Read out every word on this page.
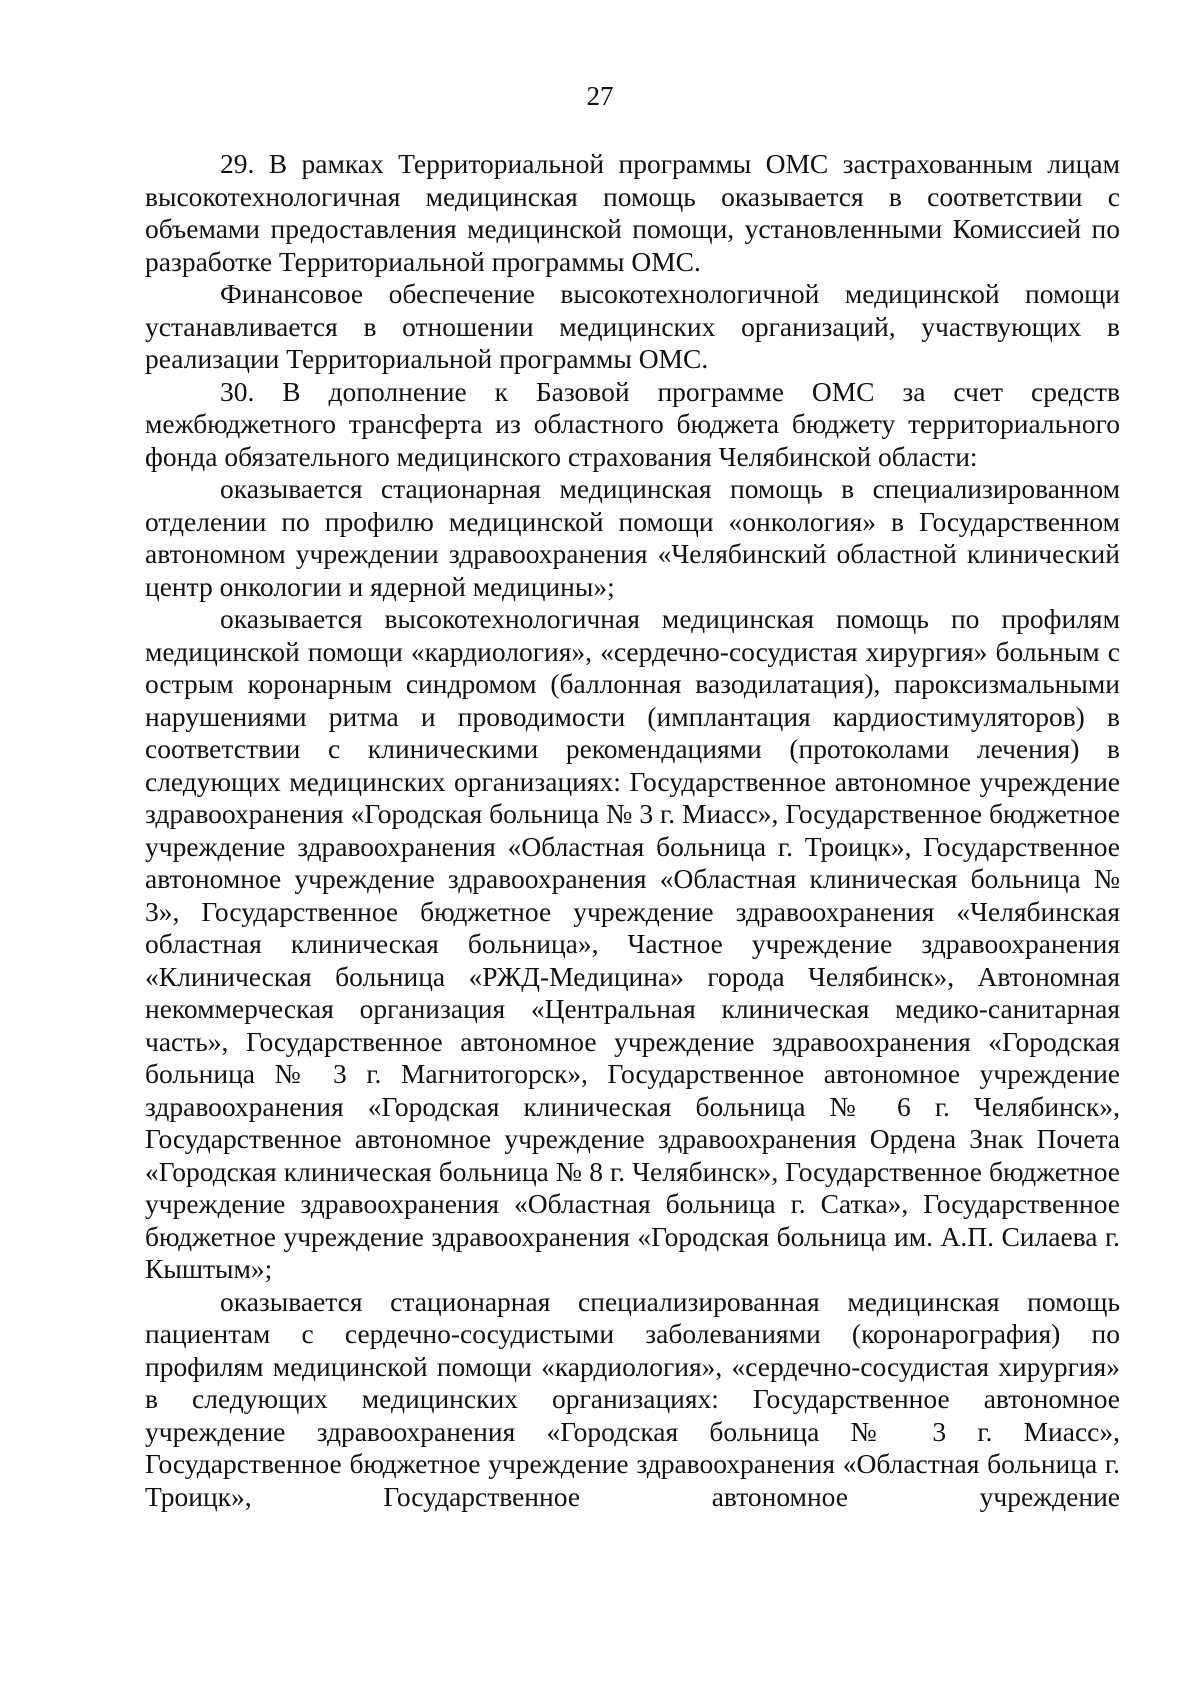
27

29. В рамках Территориальной программы ОМС застрахованным лицам высокотехнологичная медицинская помощь оказывается в соответствии с объемами предоставления медицинской помощи, установленными Комиссией по разработке Территориальной программы ОМС.

Финансовое обеспечение высокотехнологичной медицинской помощи устанавливается в отношении медицинских организаций, участвующих в реализации Территориальной программы ОМС.

30. В дополнение к Базовой программе ОМС за счет средств межбюджетного трансферта из областного бюджета бюджету территориального фонда обязательного медицинского страхования Челябинской области:

оказывается стационарная медицинская помощь в специализированном отделении по профилю медицинской помощи «онкология» в Государственном автономном учреждении здравоохранения «Челябинский областной клинический центр онкологии и ядерной медицины»;

оказывается высокотехнологичная медицинская помощь по профилям медицинской помощи «кардиология», «сердечно-сосудистая хирургия» больным с острым коронарным синдромом (баллонная вазодилатация), пароксизмальными нарушениями ритма и проводимости (имплантация кардиостимуляторов) в соответствии с клиническими рекомендациями (протоколами лечения) в следующих медицинских организациях: Государственное автономное учреждение здравоохранения «Городская больница № 3 г. Миасс», Государственное бюджетное учреждение здравоохранения «Областная больница г. Троицк», Государственное автономное учреждение здравоохранения «Областная клиническая больница № 3», Государственное бюджетное учреждение здравоохранения «Челябинская областная клиническая больница», Частное учреждение здравоохранения «Клиническая больница «РЖД-Медицина» города Челябинск», Автономная некоммерческая организация «Центральная клиническая медико-санитарная часть», Государственное автономное учреждение здравоохранения «Городская больница № 3 г. Магнитогорск», Государственное автономное учреждение здравоохранения «Городская клиническая больница № 6 г. Челябинск», Государственное автономное учреждение здравоохранения Ордена Знак Почета «Городская клиническая больница № 8 г. Челябинск», Государственное бюджетное учреждение здравоохранения «Областная больница г. Сатка», Государственное бюджетное учреждение здравоохранения «Городская больница им. А.П. Силаева г. Кыштым»;

оказывается стационарная специализированная медицинская помощь пациентам с сердечно-сосудистыми заболеваниями (коронарография) по профилям медицинской помощи «кардиология», «сердечно-сосудистая хирургия» в следующих медицинских организациях: Государственное автономное учреждение здравоохранения «Городская больница № 3 г. Миасс», Государственное бюджетное учреждение здравоохранения «Областная больница г. Троицк», Государственное автономное учреждение
